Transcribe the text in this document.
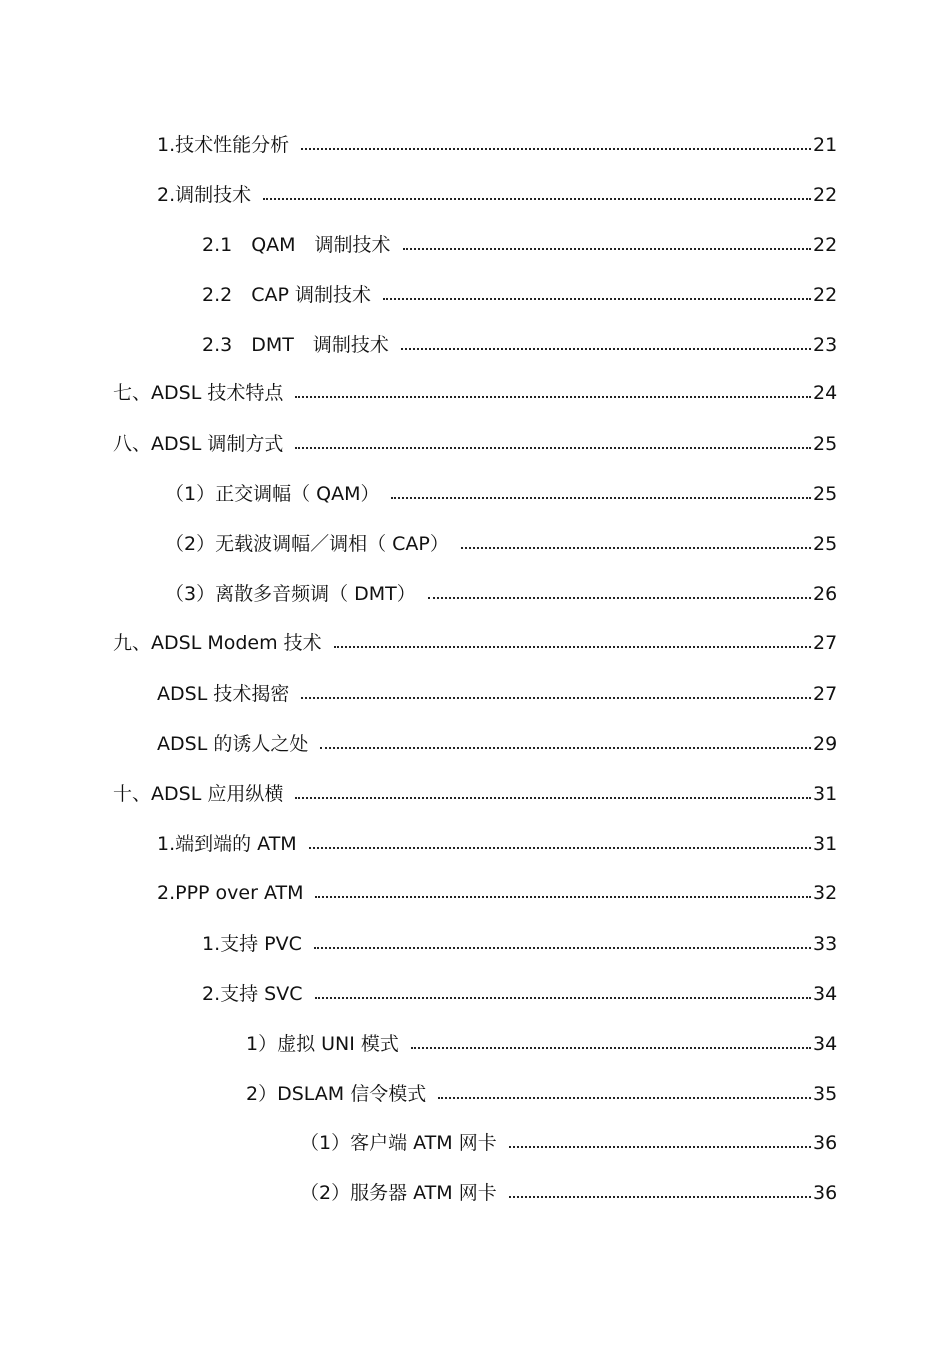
1.技术性能分析	21
2.调制技术	22
2.1　QAM　调制技术	22
2.2　CAP 调制技术	22
2.3　DMT　调制技术	23
七、ADSL 技术特点	24
八、ADSL 调制方式	25
（1）正交调幅（ QAM）	25
（2）无载波调幅／调相（ CAP）	25
（3）离散多音频调（ DMT）	26
九、ADSL Modem 技术	27
ADSL 技术揭密	27
ADSL 的诱人之处	29
十、ADSL 应用纵横	31
1.端到端的 ATM	31
2.PPP over ATM	32
1.支持 PVC	33
2.支持 SVC	34
1）虚拟 UNI 模式	34
2）DSLAM 信令模式	35
（1）客户端 ATM 网卡	36
（2）服务器 ATM 网卡	36
